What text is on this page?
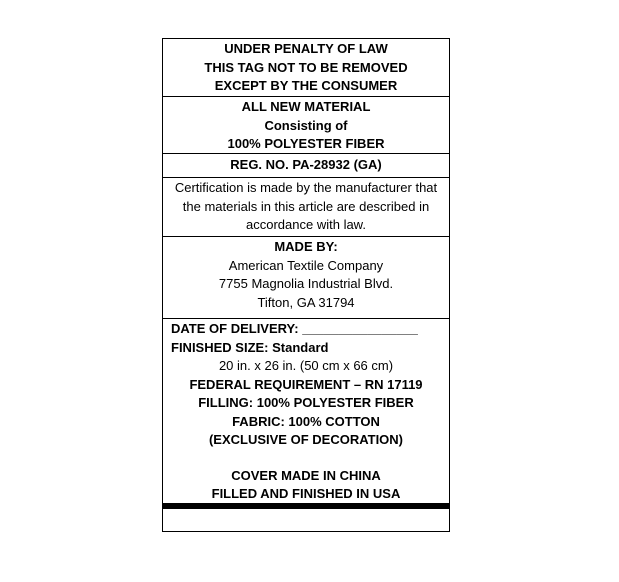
UNDER PENALTY OF LAW
THIS TAG NOT TO BE REMOVED
EXCEPT BY THE CONSUMER
ALL NEW MATERIAL
Consisting of
100% POLYESTER FIBER
REG. NO. PA-28932 (GA)
Certification is made by the manufacturer that
the materials in this article are described in
accordance with law.
MADE BY:
American Textile Company
7755 Magnolia Industrial Blvd.
Tifton, GA 31794
DATE OF DELIVERY: ________________
FINISHED SIZE: Standard
20 in. x 26 in. (50 cm x 66 cm)
FEDERAL REQUIREMENT – RN 17119
FILLING: 100% POLYESTER FIBER
FABRIC: 100% COTTON
(EXCLUSIVE OF DECORATION)
COVER MADE IN CHINA
FILLED AND FINISHED IN USA
